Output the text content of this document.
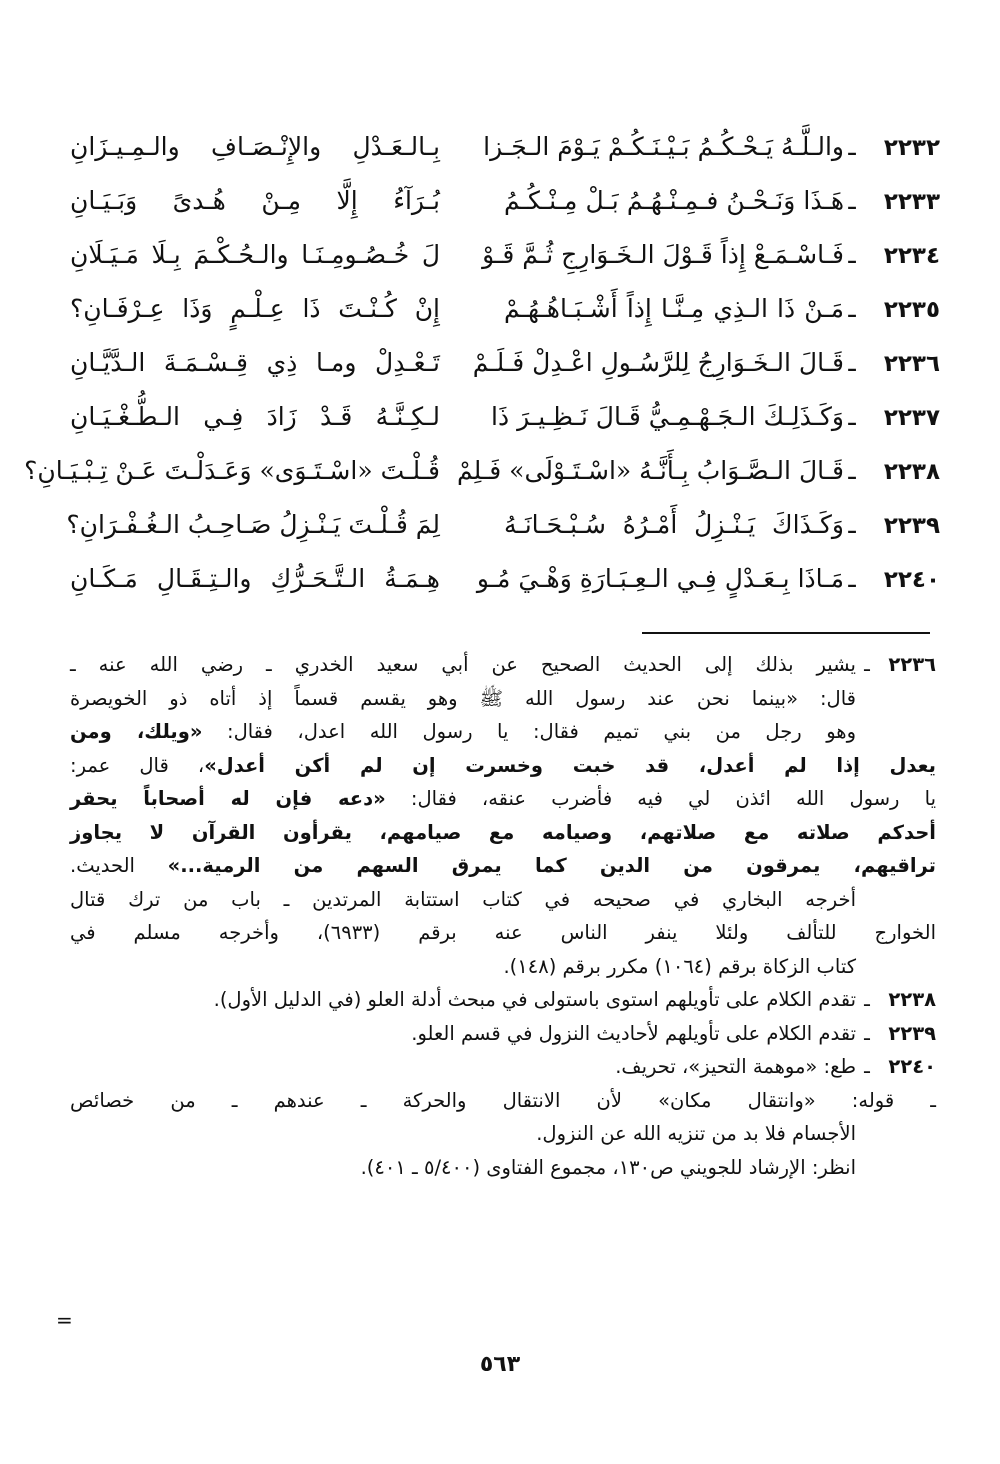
٢٢٣٢
ـ
والـلَّـهُ يَـحْـكُـمُ بَـيْـنَـكُـمْ يَـوْمَ الـجَـزا
بِـالـعَـدْلِ والإِنْـصَـافِ والـمِـيـزَانِ
٢٢٣٣
ـ
هَـذَا وَنَـحْـنُ فـمِـنْـهُـمُ بَـلْ مِـنْـكُـمُ
بُـرَآءُ إِلَّا مِـنْ هُـدىً وَبَـيَـانِ
٢٢٣٤
ـ
فَـاسْـمَـعْ إِذاً قَـوْلَ الـخَـوَارِجِ ثُـمَّ قَـوْ
لَ خُـصُـومِـنَـا والـحُـكْـمَ بِـلَا مَـيَـلَانِ
٢٢٣٥
ـ
مَـنْ ذَا الـذِي مِـنَّـا إِذاً أَشْـبَـاهُـهُـمْ
إِنْ كُـنْـتَ ذَا عِـلْـمٍ وَذَا عِـرْفَـانِ؟
٢٢٣٦
ـ
قَـالَ الـخَـوَارِجُ لِلرَّسُـولِ اعْـدِلْ فَـلَـمْ
تَـعْـدِلْ ومـا ذِي قِـسْـمَـةَ الـدَّيَّـانِ
٢٢٣٧
ـ
وَكَـذَلِـكَ الـجَـهْـمِـيُّ قَـالَ نَـظِـيـرَ ذَا
لـكِـنَّـهُ قَـدْ زَادَ فِـي الـطُّـغْـيَـانِ
٢٢٣٨
ـ
قَـالَ الـصَّـوَابُ بِـأَنَّـهُ «اسْـتَـوْلَى» فَـلِمْ
قُـلْـتَ «اسْـتَـوَى» وَعَـدَلْـتَ عَـنْ تِـبْـيَـانِ؟
٢٢٣٩
ـ
وَكَـذَاكَ يَـنْـزِلُ أَمْـرُهُ سُـبْـحَـانَـهُ
لِمَ قُـلْـتَ يَـنْـزِلُ صَـاحِـبُ الـغُـفْـرَانِ؟
٢٢٤٠
ـ
مَـاذَا بِـعَـدْلٍ فِـي الـعِـبَـارَةِ وَهْـيَ مُـو
هِـمَـةُ الـتَّـحَـرُّكِ والـتِـقَـالِ مَـكَـانِ
٢٢٣٦
ـ
يشير بذلك إلى الحديث الصحيح عن أبي سعيد الخدري ـ رضي الله عنه ـ
قال: «بينما نحن عند رسول الله ﷺ وهو يقسم قسماً إذ أتاه ذو الخويصرة
وهو رجل من بني تميم فقال: يا رسول الله اعدل، فقال: «ويلك، ومن
يعدل إذا لم أعدل، قد خبت وخسرت إن لم أكن أعدل»، قال عمر:
يا رسول الله ائذن لي فيه فأضرب عنقه، فقال: «دعه فإن له أصحاباً يحقر
أحدكم صلاته مع صلاتهم، وصيامه مع صيامهم، يقرأون القرآن لا يجاوز
تراقيهم، يمرقون من الدين كما يمرق السهم من الرمية...» الحديث.
أخرجه البخاري في صحيحه في كتاب استتابة المرتدين ـ باب من ترك قتال
الخوارج للتألف ولئلا ينفر الناس عنه برقم (٦٩٣٣)، وأخرجه مسلم في
كتاب الزكاة برقم (١٠٦٤) مكرر برقم (١٤٨).
٢٢٣٨
ـ
تقدم الكلام على تأويلهم استوى باستولى في مبحث أدلة العلو (في الدليل الأول).
٢٢٣٩
ـ
تقدم الكلام على تأويلهم لأحاديث النزول في قسم العلو.
٢٢٤٠
ـ
طع: «موهمة التحيز»، تحريف.
ـ قوله: «وانتقال مكان» لأن الانتقال والحركة ـ عندهم ـ من خصائص
الأجسام فلا بد من تنزيه الله عن النزول.
انظر: الإرشاد للجويني ص١٣٠، مجموع الفتاوى (٥/٤٠٠ ـ ٤٠١).
=
٥٦٣
